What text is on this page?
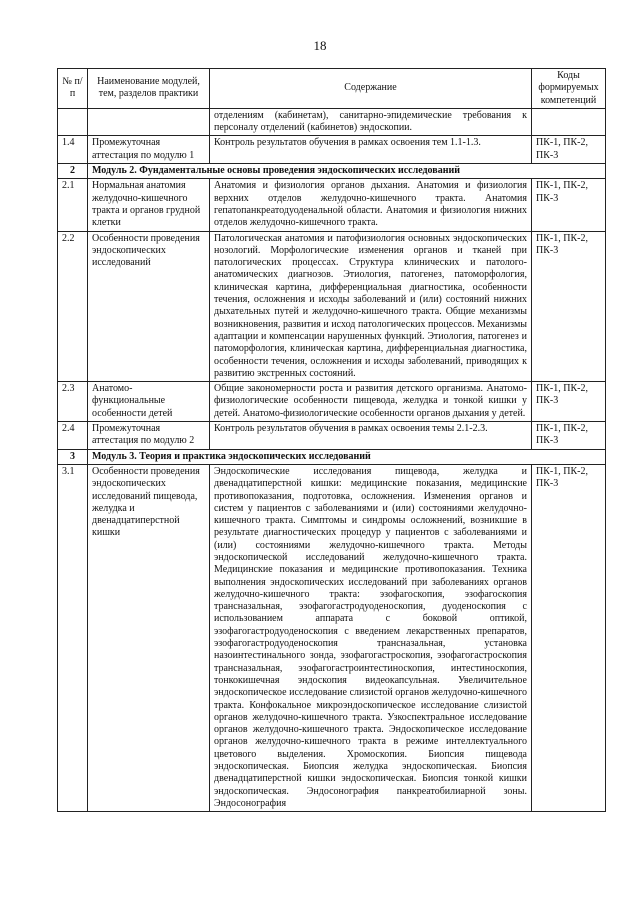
18
№ п/п	Наименование модулей, тем, разделов практики	Содержание	Коды формируемых компетенций
		отделениям (кабинетам), санитарно-эпидемические требования к персоналу отделений (кабинетов) эндоскопии.	
1.4	Промежуточная аттестация по модулю 1	Контроль результатов обучения в рамках освоения тем 1.1-1.3.	ПК-1, ПК-2, ПК-3
2	Модуль 2. Фундаментальные основы проведения эндоскопических исследований		
2.1	Нормальная анатомия желудочно-кишечного тракта и органов грудной клетки	Анатомия и физиология органов дыхания. Анатомия и физиология верхних отделов желудочно-кишечного тракта. Анатомия гепатопанкреатодуоденальной области. Анатомия и физиология нижних отделов желудочно-кишечного тракта.	ПК-1, ПК-2, ПК-3
2.2	Особенности проведения эндоскопических исследований	Патологическая анатомия и патофизиология основных эндоскопических нозологий. Морфологические изменения органов и тканей при патологических процессах. Структура клинических и патолого-анатомических диагнозов. Этиология, патогенез, патоморфология, клиническая картина, дифференциальная диагностика, особенности течения, осложнения и исходы заболеваний и (или) состояний нижних дыхательных путей и желудочно-кишечного тракта. Общие механизмы возникновения, развития и исход патологических процессов. Механизмы адаптации и компенсации нарушенных функций. Этиология, патогенез и патоморфология, клиническая картина, дифференциальная диагностика, особенности течения, осложнения и исходы заболеваний, приводящих к развитию экстренных состояний.	ПК-1, ПК-2, ПК-3
2.3	Анатомо-функциональные особенности детей	Общие закономерности роста и развития детского организма. Анатомо-физиологические особенности пищевода, желудка и тонкой кишки у детей. Анатомо-физиологические особенности органов дыхания у детей.	ПК-1, ПК-2, ПК-3
2.4	Промежуточная аттестация по модулю 2	Контроль результатов обучения в рамках освоения темы 2.1-2.3.	ПК-1, ПК-2, ПК-3
3	Модуль 3. Теория и практика эндоскопических исследований		
3.1	Особенности проведения эндоскопических исследований пищевода, желудка и двенадцатиперстной кишки	Эндоскопические исследования пищевода, желудка и двенадцатиперстной кишки: медицинские показания, медицинские противопоказания, подготовка, осложнения. Изменения органов и систем у пациентов с заболеваниями и (или) состояниями желудочно-кишечного тракта. Симптомы и синдромы осложнений, возникшие в результате диагностических процедур у пациентов с заболеваниями и (или) состояниями желудочно-кишечного тракта. Методы эндоскопической исследований желудочно-кишечного тракта. Медицинские показания и медицинские противопоказания. Техника выполнения эндоскопических исследований при заболеваниях органов желудочно-кишечного тракта: эзофагоскопия, эзофагоскопия трансназальная, эзофагогастродуоденоскопия, дуоденоскопия с использованием аппарата с боковой оптикой, эзофагогастродуоденоскопия с введением лекарственных препаратов, эзофагогастродуоденоскопия трансназальная, установка назоинтестинального зонда, эзофагогастроскопия, эзофагогастроскопия трансназальная, эзофагогастроинтестиноскопия, интестиноскопия, тонкокишечная эндоскопия видеокапсульная. Увеличительное эндоскопическое исследование слизистой органов желудочно-кишечного тракта. Конфокальное микроэндоскопическое исследование слизистой органов желудочно-кишечного тракта. Узкоспектральное исследование органов желудочно-кишечного тракта. Эндоскопическое исследование органов желудочно-кишечного тракта в режиме интеллектуального цветового выделения. Хромоскопия. Биопсия пищевода эндоскопическая. Биопсия желудка эндоскопическая. Биопсия двенадцатиперстной кишки эндоскопическая. Биопсия тонкой кишки эндоскопическая. Эндосонография панкреатобилиарной зоны. Эндосонография	ПК-1, ПК-2, ПК-3
